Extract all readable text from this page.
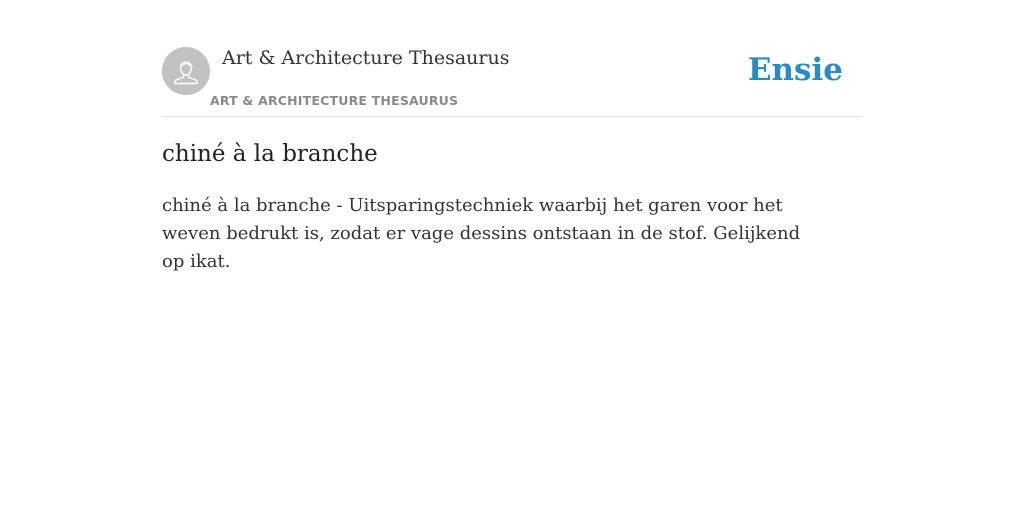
Art & Architecture Thesaurus
ART & ARCHITECTURE THESAURUS
Ensie
chiné à la branche

chiné à la branche - Uitsparingstechniek waarbij het garen voor het weven bedrukt is, zodat er vage dessins ontstaan in de stof. Gelijkend op ikat.
